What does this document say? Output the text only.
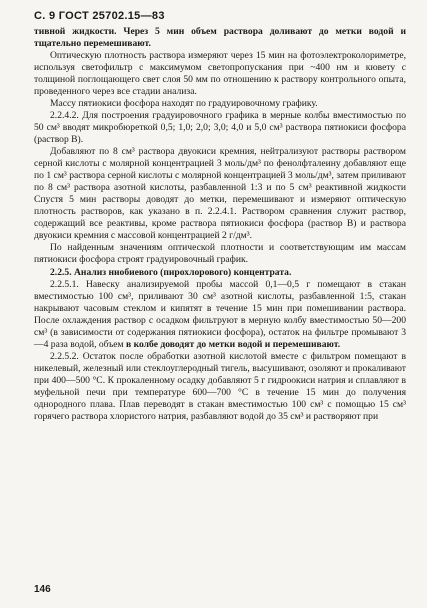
С. 9 ГОСТ 25702.15—83

тивной жидкости. Через 5 мин объем раствора доливают до метки водой и тщательно перемешивают.

Оптическую плотность раствора измеряют через 15 мин на фотоэлектроколориметре, используя светофильтр с максимумом светопропускания при ~400 нм и кювету с толщиной поглощающего свет слоя 50 мм по отношению к раствору контрольного опыта, проведенного через все стадии анализа.

Массу пятиокиси фосфора находят по градуировочному графику.

2.2.4.2. Для построения градуировочного графика в мерные колбы вместимостью по 50 см³ вводят микробюреткой 0,5; 1,0; 2,0; 3,0; 4,0 и 5,0 см³ раствора пятиокиси фосфора (раствор В).

Добавляют по 8 см³ раствора двуокиси кремния, нейтрализуют растворы раствором серной кислоты с молярной концентрацией 3 моль/дм³ по фенолфталеину добавляют еще по 1 см³ раствора серной кислоты с молярной концентрацией 3 моль/дм³, затем приливают по 8 см³ раствора азотной кислоты, разбавленной 1:3 и по 5 см³ реактивной жидкости Спустя 5 мин растворы доводят до метки, перемешивают и измеряют оптическую плотность растворов, как указано в п. 2.2.4.1. Раствором сравнения служит раствор, содержащий все реактивы, кроме раствора пятиокиси фосфора (раствор В) и раствора двуокиси кремния с массовой концентрацией 2 г/дм³.

По найденным значениям оптической плотности и соответствующим им массам пятиокиси фосфора строят градуировочный график.

2.2.5. Анализ ниобиевого (пирохлорового) концентрата.

2.2.5.1. Навеску анализируемой пробы массой 0,1—0,5 г помещают в стакан вместимостью 100 см³, приливают 30 см³ азотной кислоты, разбавленной 1:5, стакан накрывают часовым стеклом и кипятят в течение 15 мин при помешивании раствора. После охлаждения раствор с осадком фильтруют в мерную колбу вместимостью 50—200 см³ (в зависимости от содержания пятиокиси фосфора), остаток на фильтре промывают 3—4 раза водой, объем в колбе доводят до метки водой и перемешивают.

2.2.5.2. Остаток после обработки азотной кислотой вместе с фильтром помещают в никелевый, железный или стеклоуглеродный тигель, высушивают, озоляют и прокаливают при 400—500 °С. К прокаленному осадку добавляют 5 г гидроокиси натрия и сплавляют в муфельной печи при температуре 600—700 °С в течение 15 мин до получения однородного плава. Плав переводят в стакан вместимостью 100 см³ с помощью 15 см³ горячего раствора хлористого натрия, разбавляют водой до 35 см³ и растворяют при

146
